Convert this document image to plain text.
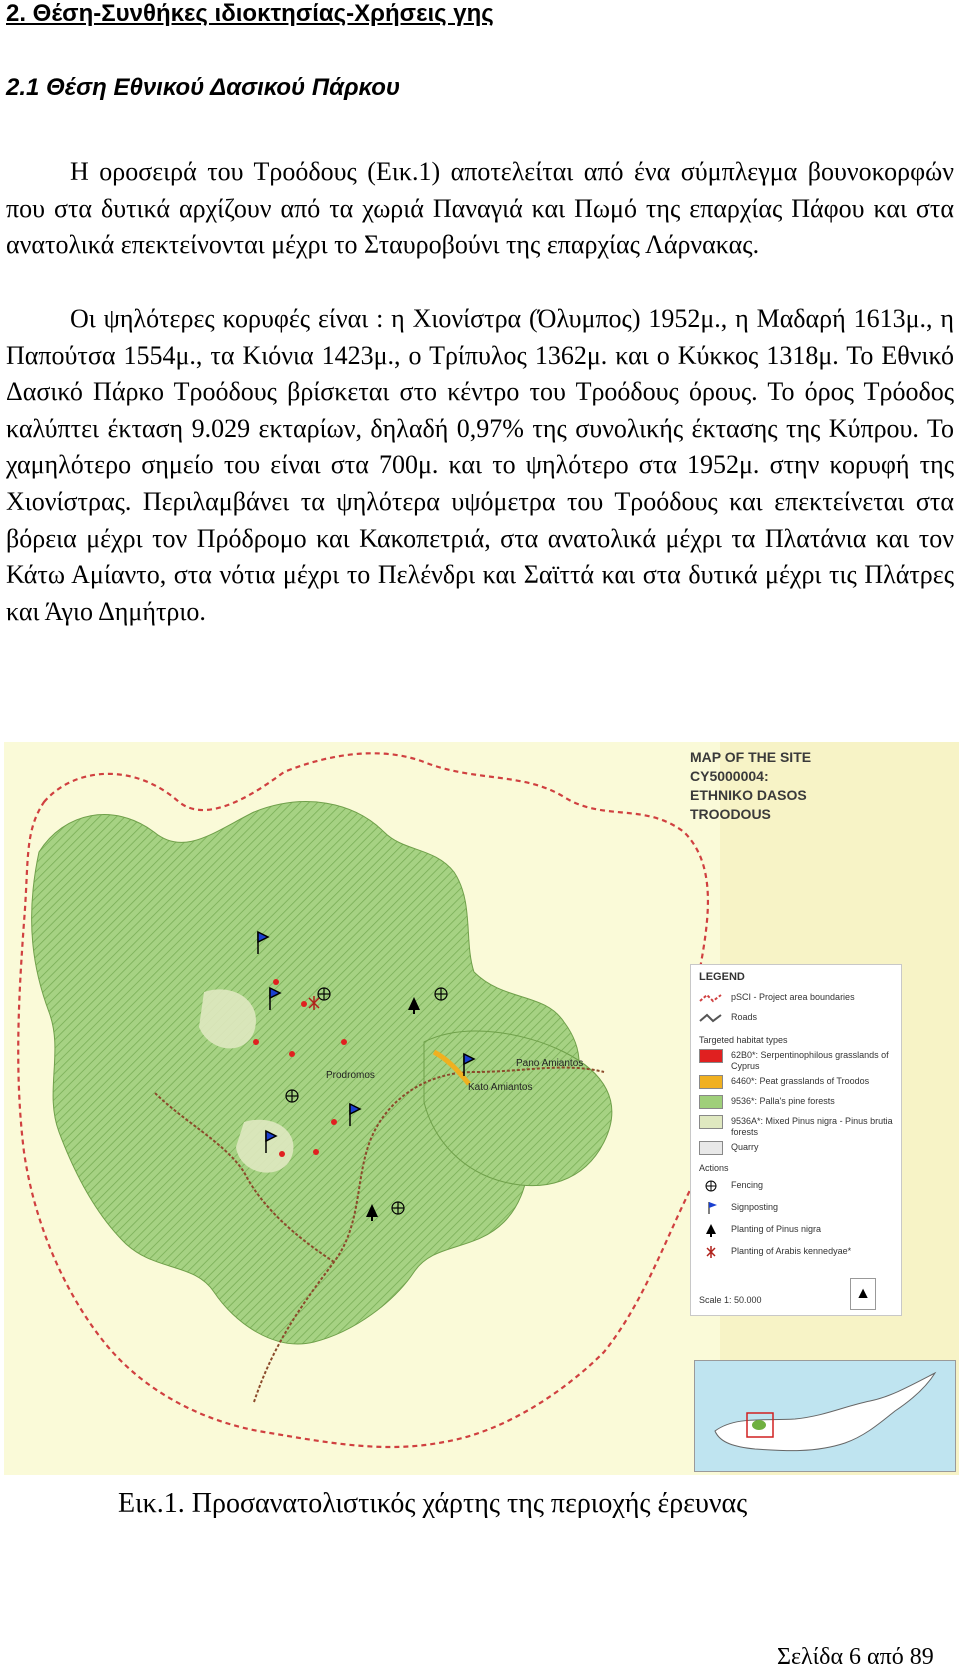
2. Θέση-Συνθήκες ιδιοκτησίας-Χρήσεις γης
2.1 Θέση Εθνικού Δασικού Πάρκου

Η οροσειρά του Τροόδους (Εικ.1) αποτελείται από ένα σύμπλεγμα βουνοκορφών που στα δυτικά αρχίζουν από τα χωριά Παναγιά και Πωμό της επαρχίας Πάφου και στα ανατολικά επεκτείνονται μέχρι το Σταυροβούνι της επαρχίας Λάρνακας.

Οι ψηλότερες κορυφές είναι : η Χιονίστρα (Όλυμπος) 1952μ., η Μαδαρή 1613μ., η Παπούτσα 1554μ., τα Κιόνια 1423μ., ο Τρίπυλος 1362μ. και ο Κύκκος 1318μ. Το Εθνικό Δασικό Πάρκο Τροόδους βρίσκεται στο κέντρο του Τροόδους όρους. Το όρος Τρόοδος καλύπτει έκταση 9.029 εκταρίων, δηλαδή 0,97% της συνολικής έκτασης της Κύπρου. Το χαμηλότερο σημείο του είναι στα 700μ. και το ψηλότερο στα 1952μ. στην κορυφή της Χιονίστρας. Περιλαμβάνει τα ψηλότερα υψόμετρα του Τροόδους και επεκτείνεται στα βόρεια μέχρι τον Πρόδρομο και Κακοπετριά, στα ανατολικά μέχρι τα Πλατάνια και τον Κάτω Αμίαντο, στα νότια μέχρι το Πελένδρι και Σαϊττά και στα δυτικά μέχρι τις Πλάτρες και Άγιο Δημήτριο.

Prodromos
Pano Amiantos
Kato Amiantos
MAP OF THE SITE
CY5000004:
ETHNIKO DASOS
TROODOUS
LEGEND
pSCI - Project area boundaries
Roads
Targeted habitat types
62B0*: Serpentinophilous grasslands of Cyprus
6460*: Peat grasslands of Troodos
9536*: Palla's pine forests
9536A*: Mixed Pinus nigra - Pinus brutia forests
Quarry
Actions
Fencing
Signposting
Planting of Pinus nigra
Planting of Arabis kennedyae*
Scale 1: 50.000	▲
Εικ.1. Προσανατολιστικός χάρτης της περιοχής έρευνας
Σελίδα 6 από 89
